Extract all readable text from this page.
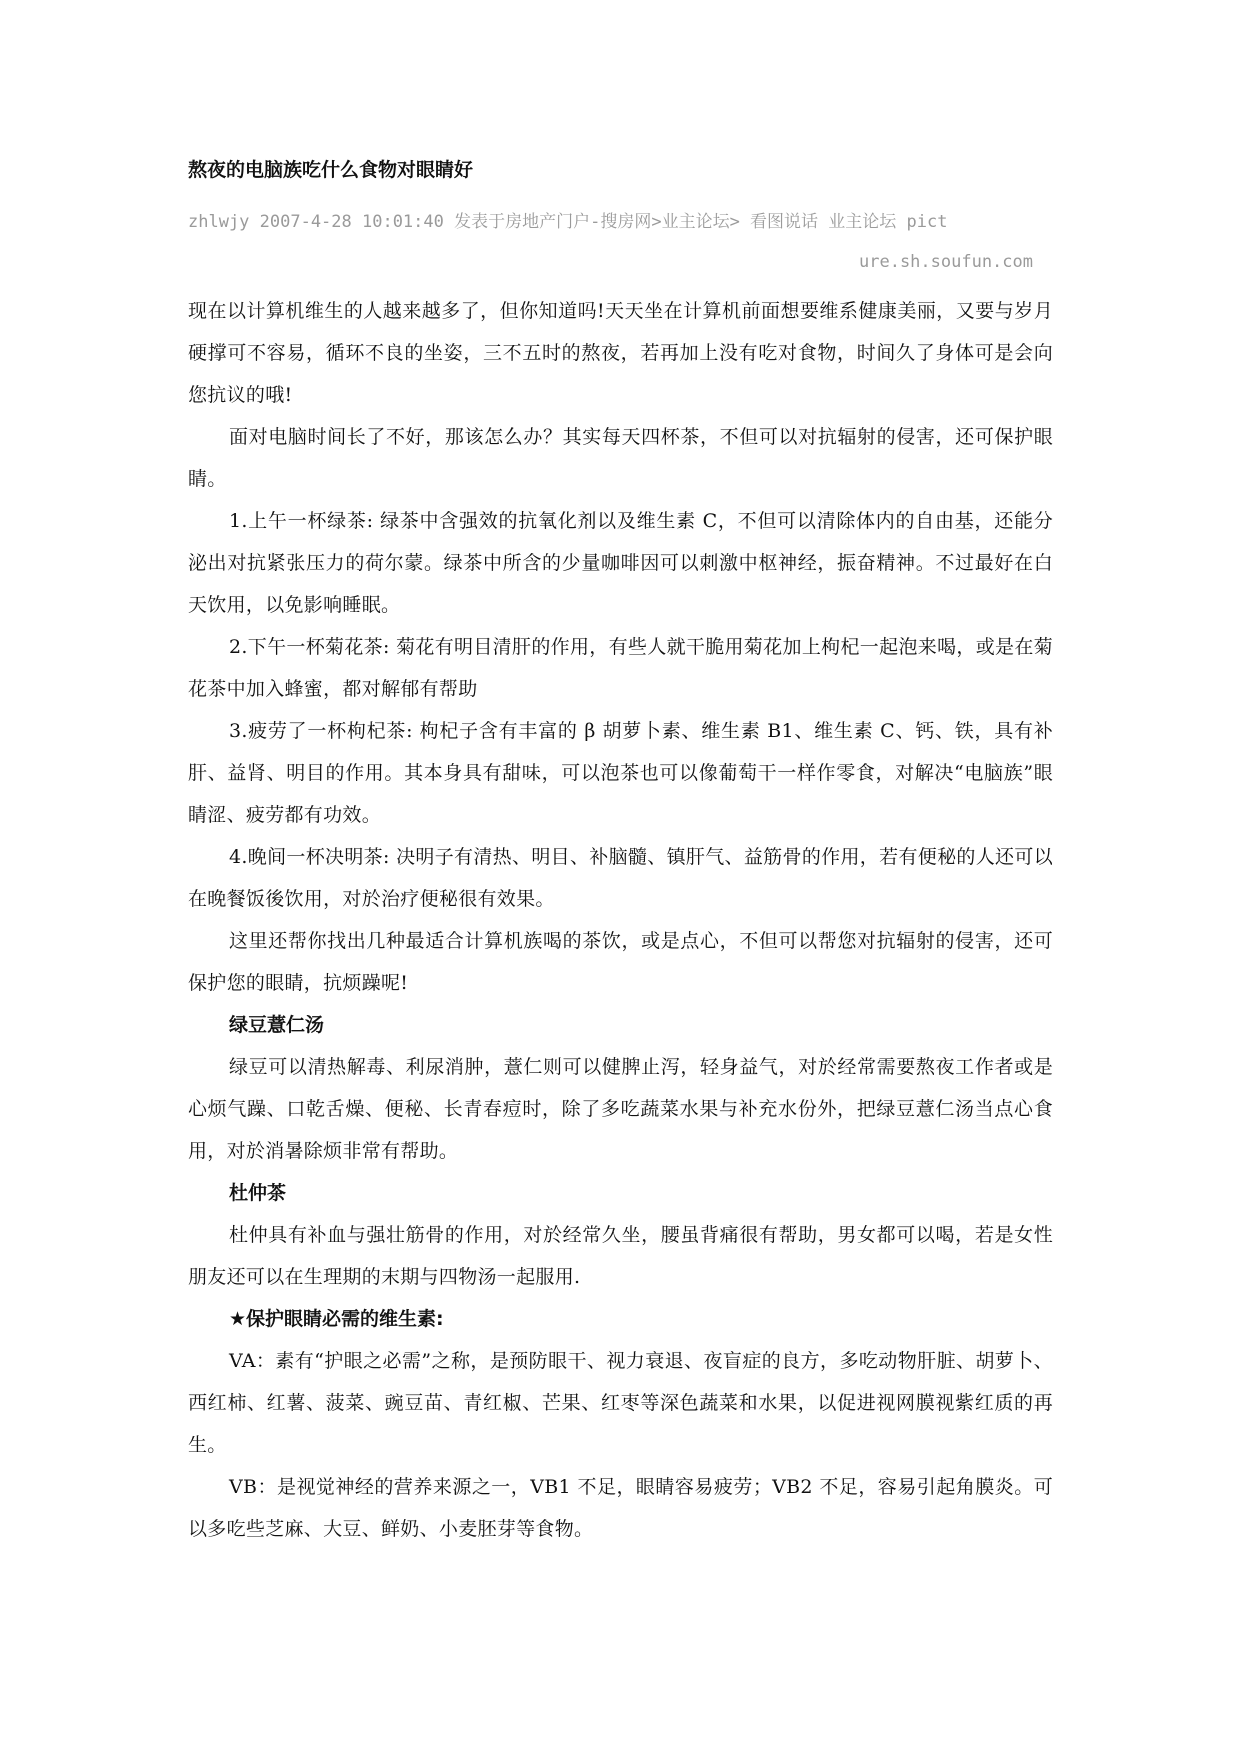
熬夜的电脑族吃什么食物对眼睛好

zhlwjy 2007-4-28 10:01:40 发表于房地产门户-搜房网>业主论坛> 看图说话 业主论坛 pict

ure.sh.soufun.com

现在以计算机维生的人越来越多了，但你知道吗!天天坐在计算机前面想要维系健康美丽，又要与岁月硬撑可不容易，循环不良的坐姿，三不五时的熬夜，若再加上没有吃对食物，时间久了身体可是会向您抗议的哦!

面对电脑时间长了不好，那该怎么办？其实每天四杯茶，不但可以对抗辐射的侵害，还可保护眼睛。

1.上午一杯绿茶: 绿茶中含强效的抗氧化剂以及维生素 C，不但可以清除体内的自由基，还能分泌出对抗紧张压力的荷尔蒙。绿茶中所含的少量咖啡因可以刺激中枢神经，振奋精神。不过最好在白天饮用，以免影响睡眠。

2.下午一杯菊花茶: 菊花有明目清肝的作用，有些人就干脆用菊花加上枸杞一起泡来喝，或是在菊花茶中加入蜂蜜，都对解郁有帮助

3.疲劳了一杯枸杞茶: 枸杞子含有丰富的 β 胡萝卜素、维生素 B1、维生素 C、钙、铁，具有补肝、益肾、明目的作用。其本身具有甜味，可以泡茶也可以像葡萄干一样作零食，对解决“电脑族”眼睛涩、疲劳都有功效。

4.晚间一杯决明茶: 决明子有清热、明目、补脑髓、镇肝气、益筋骨的作用，若有便秘的人还可以在晚餐饭後饮用，对於治疗便秘很有效果。

这里还帮你找出几种最适合计算机族喝的茶饮，或是点心，不但可以帮您对抗辐射的侵害，还可保护您的眼睛，抗烦躁呢!

绿豆薏仁汤

绿豆可以清热解毒、利尿消肿，薏仁则可以健脾止泻，轻身益气，对於经常需要熬夜工作者或是心烦气躁、口乾舌燥、便秘、长青春痘时，除了多吃蔬菜水果与补充水份外，把绿豆薏仁汤当点心食用，对於消暑除烦非常有帮助。

杜仲茶

杜仲具有补血与强壮筋骨的作用，对於经常久坐，腰虽背痛很有帮助，男女都可以喝，若是女性朋友还可以在生理期的末期与四物汤一起服用.

★保护眼睛必需的维生素:

VA：素有“护眼之必需”之称，是预防眼干、视力衰退、夜盲症的良方，多吃动物肝脏、胡萝卜、西红柿、红薯、菠菜、豌豆苗、青红椒、芒果、红枣等深色蔬菜和水果，以促进视网膜视紫红质的再生。

VB：是视觉神经的营养来源之一，VB1 不足，眼睛容易疲劳；VB2 不足，容易引起角膜炎。可以多吃些芝麻、大豆、鲜奶、小麦胚芽等食物。
